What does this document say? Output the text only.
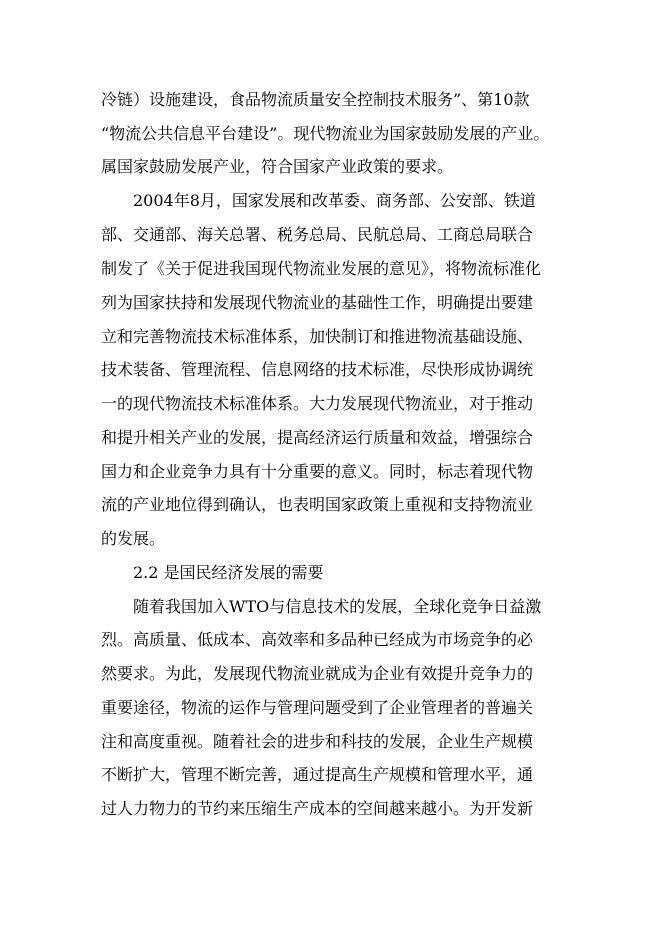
冷链）设施建设，食品物流质量安全控制技术服务”、第10款
“物流公共信息平台建设”。现代物流业为国家鼓励发展的产业。
属国家鼓励发展产业，符合国家产业政策的要求。
2004年8月，国家发展和改革委、商务部、公安部、铁道
部、交通部、海关总署、税务总局、民航总局、工商总局联合
制发了《关于促进我国现代物流业发展的意见》，将物流标准化
列为国家扶持和发展现代物流业的基础性工作，明确提出要建
立和完善物流技术标准体系，加快制订和推进物流基础设施、
技术装备、管理流程、信息网络的技术标准，尽快形成协调统
一的现代物流技术标准体系。大力发展现代物流业，对于推动
和提升相关产业的发展，提高经济运行质量和效益，增强综合
国力和企业竞争力具有十分重要的意义。同时，标志着现代物
流的产业地位得到确认，也表明国家政策上重视和支持物流业
的发展。
2.2 是国民经济发展的需要
随着我国加入WTO与信息技术的发展，全球化竞争日益激
烈。高质量、低成本、高效率和多品种已经成为市场竞争的必
然要求。为此，发展现代物流业就成为企业有效提升竞争力的
重要途径，物流的运作与管理问题受到了企业管理者的普遍关
注和高度重视。随着社会的进步和科技的发展，企业生产规模
不断扩大，管理不断完善，通过提高生产规模和管理水平，通
过人力物力的节约来压缩生产成本的空间越来越小。为开发新
